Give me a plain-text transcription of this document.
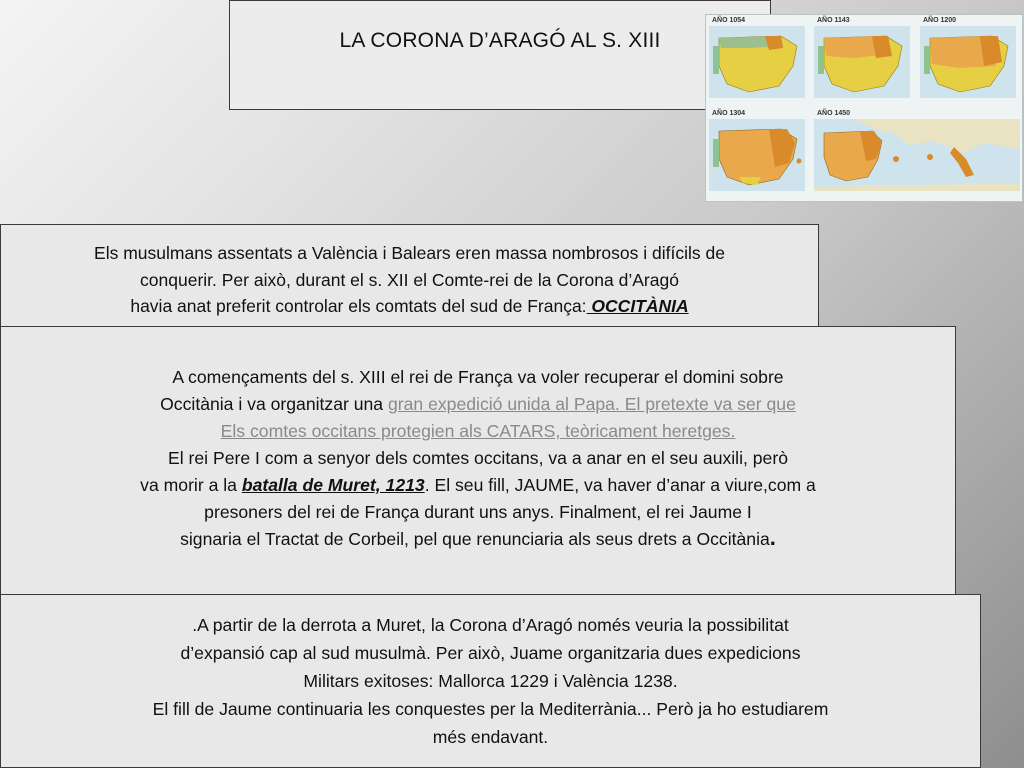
LA CORONA D’ARAGÓ AL S. XIII
AÑO 1054	AÑO 1143	AÑO 1200
AÑO 1304	AÑO 1450
Els musulmans assentats a València i Balears eren massa nombrosos i difícils de
conquerir. Per això, durant el s. XII el Comte-rei de la Corona d’Aragó
havia anat preferit controlar els comtats del sud de França: OCCITÀNIA
A començaments del s. XIII el rei de França va voler recuperar el domini sobre
Occitània i va organitzar una gran expedició unida al Papa. El pretexte va ser que
Els comtes occitans protegien als CATARS, teòricament heretges.
El rei Pere I com a senyor dels comtes occitans, va a anar en el seu auxili, però
va morir a la batalla de Muret, 1213. El seu fill, JAUME, va haver d’anar a viure,com a
presoners del rei de França durant uns anys. Finalment, el rei Jaume I
signaria el Tractat de Corbeil, pel que renunciaria als seus drets a Occitània.
.A partir de la derrota a Muret, la Corona d’Aragó només veuria la possibilitat
d’expansió cap al sud musulmà. Per això, Juame organitzaria dues expedicions
Militars exitoses: Mallorca 1229 i València 1238.
El fill de Jaume continuaria les conquestes per la Mediterrània... Però ja ho estudiarem
més endavant.
